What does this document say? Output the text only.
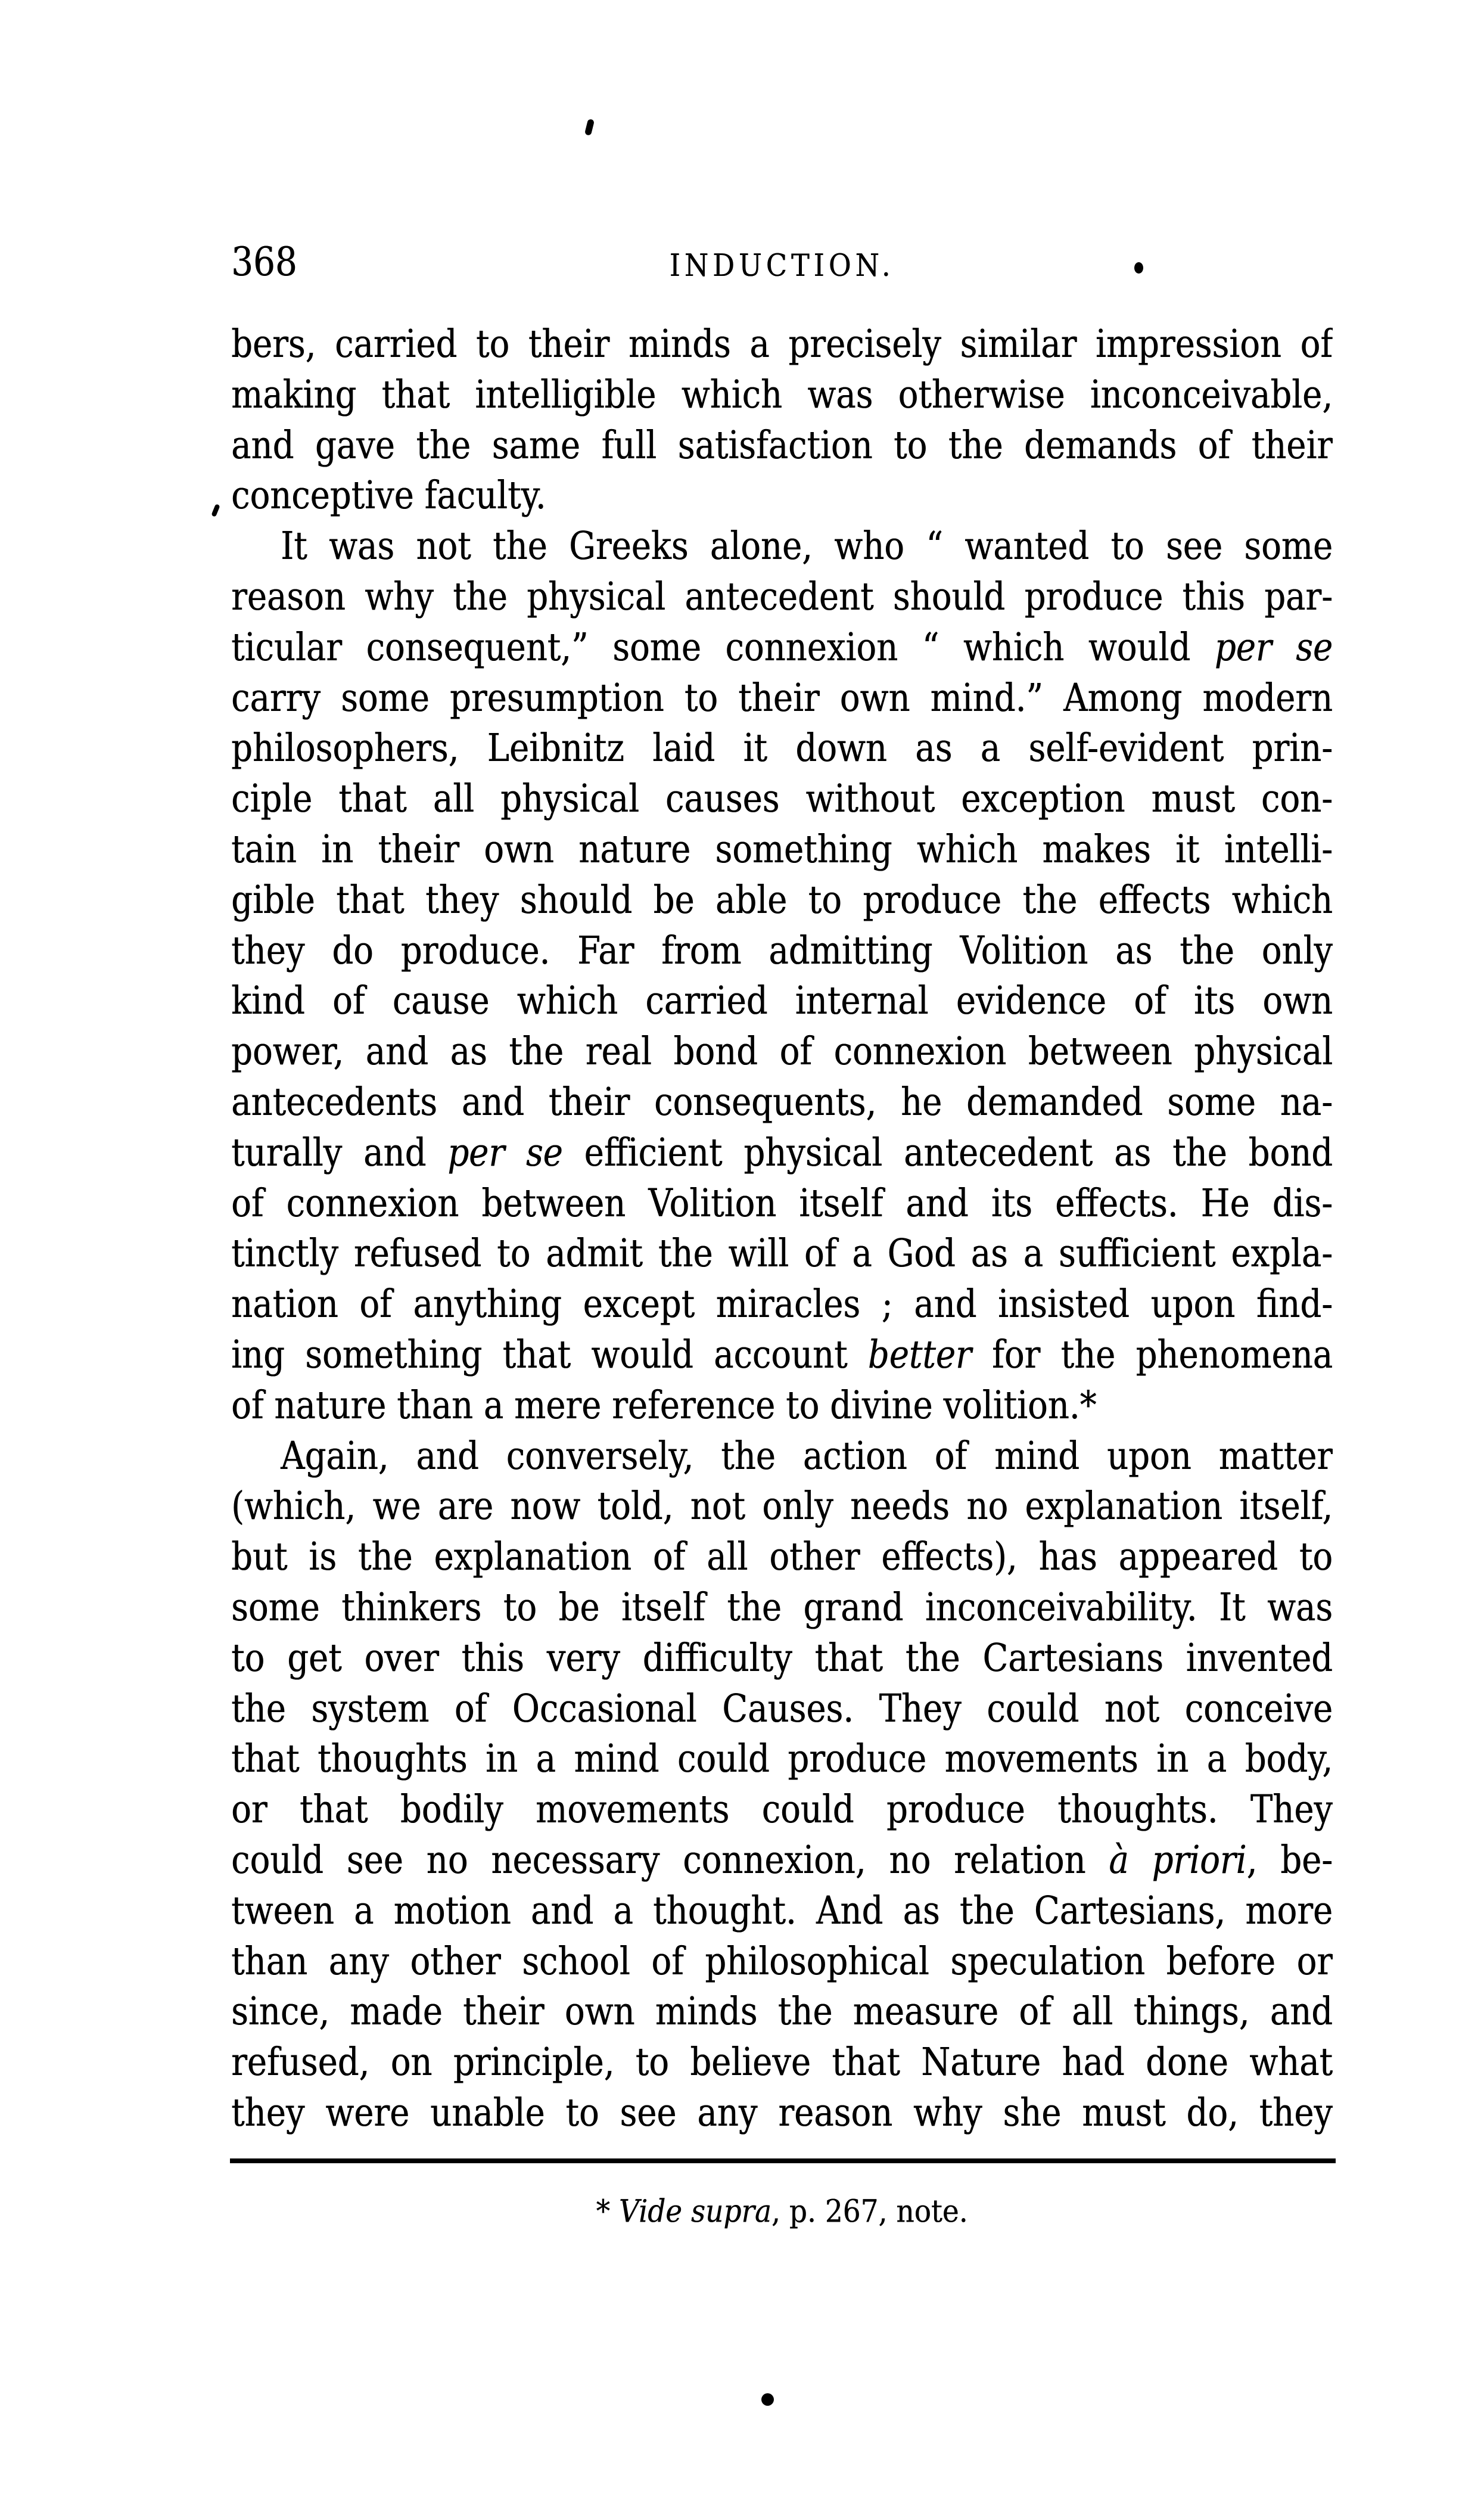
368	INDUCTION.
bers, carried to their minds a precisely similar impression of
making that intelligible which was otherwise inconceivable,
and gave the same full satisfaction to the demands of their
conceptive faculty.
It was not the Greeks alone, who “ wanted to see some
reason why the physical antecedent should produce this par-
ticular consequent,” some connexion “ which would per se
carry some presumption to their own mind.” Among modern
philosophers, Leibnitz laid it down as a self-evident prin-
ciple that all physical causes without exception must con-
tain in their own nature something which makes it intelli-
gible that they should be able to produce the effects which
they do produce. Far from admitting Volition as the only
kind of cause which carried internal evidence of its own
power, and as the real bond of connexion between physical
antecedents and their consequents, he demanded some na-
turally and per se efficient physical antecedent as the bond
of connexion between Volition itself and its effects. He dis-
tinctly refused to admit the will of a God as a sufficient expla-
nation of anything except miracles ; and insisted upon find-
ing something that would account better for the phenomena
of nature than a mere reference to divine volition.*
Again, and conversely, the action of mind upon matter
(which, we are now told, not only needs no explanation itself,
but is the explanation of all other effects), has appeared to
some thinkers to be itself the grand inconceivability. It was
to get over this very difficulty that the Cartesians invented
the system of Occasional Causes. They could not conceive
that thoughts in a mind could produce movements in a body,
or that bodily movements could produce thoughts. They
could see no necessary connexion, no relation à priori, be-
tween a motion and a thought. And as the Cartesians, more
than any other school of philosophical speculation before or
since, made their own minds the measure of all things, and
refused, on principle, to believe that Nature had done what
they were unable to see any reason why she must do, they
* Vide supra, p. 267, note.
